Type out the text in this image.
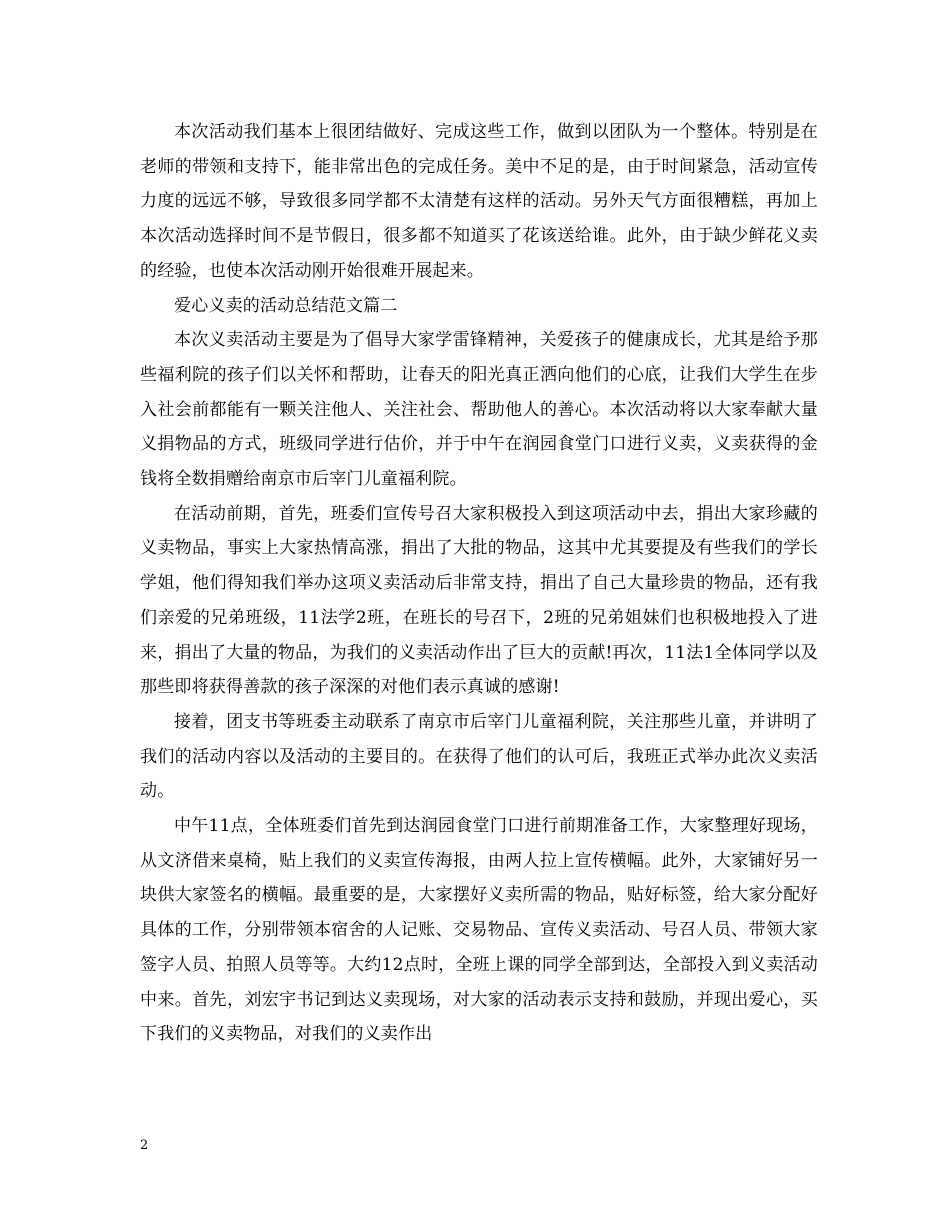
本次活动我们基本上很团结做好、完成这些工作，做到以团队为一个整体。特别是在老师的带领和支持下，能非常出色的完成任务。美中不足的是，由于时间紧急，活动宣传力度的远远不够，导致很多同学都不太清楚有这样的活动。另外天气方面很糟糕，再加上本次活动选择时间不是节假日，很多都不知道买了花该送给谁。此外，由于缺少鲜花义卖的经验，也使本次活动刚开始很难开展起来。

爱心义卖的活动总结范文篇二

本次义卖活动主要是为了倡导大家学雷锋精神，关爱孩子的健康成长，尤其是给予那些福利院的孩子们以关怀和帮助，让春天的阳光真正洒向他们的心底，让我们大学生在步入社会前都能有一颗关注他人、关注社会、帮助他人的善心。本次活动将以大家奉献大量义捐物品的方式，班级同学进行估价，并于中午在润园食堂门口进行义卖，义卖获得的金钱将全数捐赠给南京市后宰门儿童福利院。

在活动前期，首先，班委们宣传号召大家积极投入到这项活动中去，捐出大家珍藏的义卖物品，事实上大家热情高涨，捐出了大批的物品，这其中尤其要提及有些我们的学长学姐，他们得知我们举办这项义卖活动后非常支持，捐出了自己大量珍贵的物品，还有我们亲爱的兄弟班级，11法学2班，在班长的号召下，2班的兄弟姐妹们也积极地投入了进来，捐出了大量的物品，为我们的义卖活动作出了巨大的贡献!再次，11法1全体同学以及那些即将获得善款的孩子深深的对他们表示真诚的感谢!

接着，团支书等班委主动联系了南京市后宰门儿童福利院，关注那些儿童，并讲明了我们的活动内容以及活动的主要目的。在获得了他们的认可后，我班正式举办此次义卖活动。

中午11点，全体班委们首先到达润园食堂门口进行前期准备工作，大家整理好现场，从文济借来桌椅，贴上我们的义卖宣传海报，由两人拉上宣传横幅。此外，大家铺好另一块供大家签名的横幅。最重要的是，大家摆好义卖所需的物品，贴好标签，给大家分配好具体的工作，分别带领本宿舍的人记账、交易物品、宣传义卖活动、号召人员、带领大家签字人员、拍照人员等等。大约12点时，全班上课的同学全部到达，全部投入到义卖活动中来。首先，刘宏宇书记到达义卖现场，对大家的活动表示支持和鼓励，并现出爱心，买下我们的义卖物品，对我们的义卖作出

2
